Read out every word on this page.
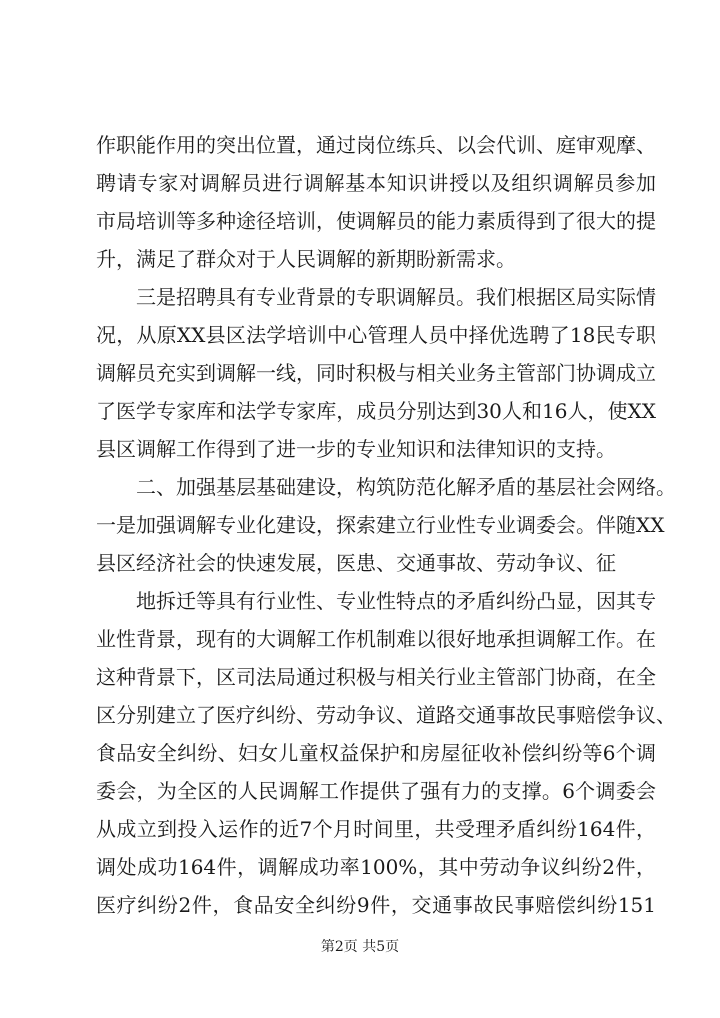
作职能作用的突出位置，通过岗位练兵、以会代训、庭审观摩、
聘请专家对调解员进行调解基本知识讲授以及组织调解员参加
市局培训等多种途径培训，使调解员的能力素质得到了很大的提
升，满足了群众对于人民调解的新期盼新需求。
三是招聘具有专业背景的专职调解员。我们根据区局实际情
况，从原XX县区法学培训中心管理人员中择优选聘了18民专职
调解员充实到调解一线，同时积极与相关业务主管部门协调成立
了医学专家库和法学专家库，成员分别达到30人和16人，使XX
县区调解工作得到了进一步的专业知识和法律知识的支持。
二、加强基层基础建设，构筑防范化解矛盾的基层社会网络。
一是加强调解专业化建设，探索建立行业性专业调委会。伴随XX
县区经济社会的快速发展，医患、交通事故、劳动争议、征
地拆迁等具有行业性、专业性特点的矛盾纠纷凸显，因其专
业性背景，现有的大调解工作机制难以很好地承担调解工作。在
这种背景下，区司法局通过积极与相关行业主管部门协商，在全
区分别建立了医疗纠纷、劳动争议、道路交通事故民事赔偿争议、
食品安全纠纷、妇女儿童权益保护和房屋征收补偿纠纷等6个调
委会，为全区的人民调解工作提供了强有力的支撑。6个调委会
从成立到投入运作的近7个月时间里，共受理矛盾纠纷164件，
第2页 共5页
调处成功164件，调解成功率100%，其中劳动争议纠纷2件，
医疗纠纷2件，食品安全纠纷9件，交通事故民事赔偿纠纷151
